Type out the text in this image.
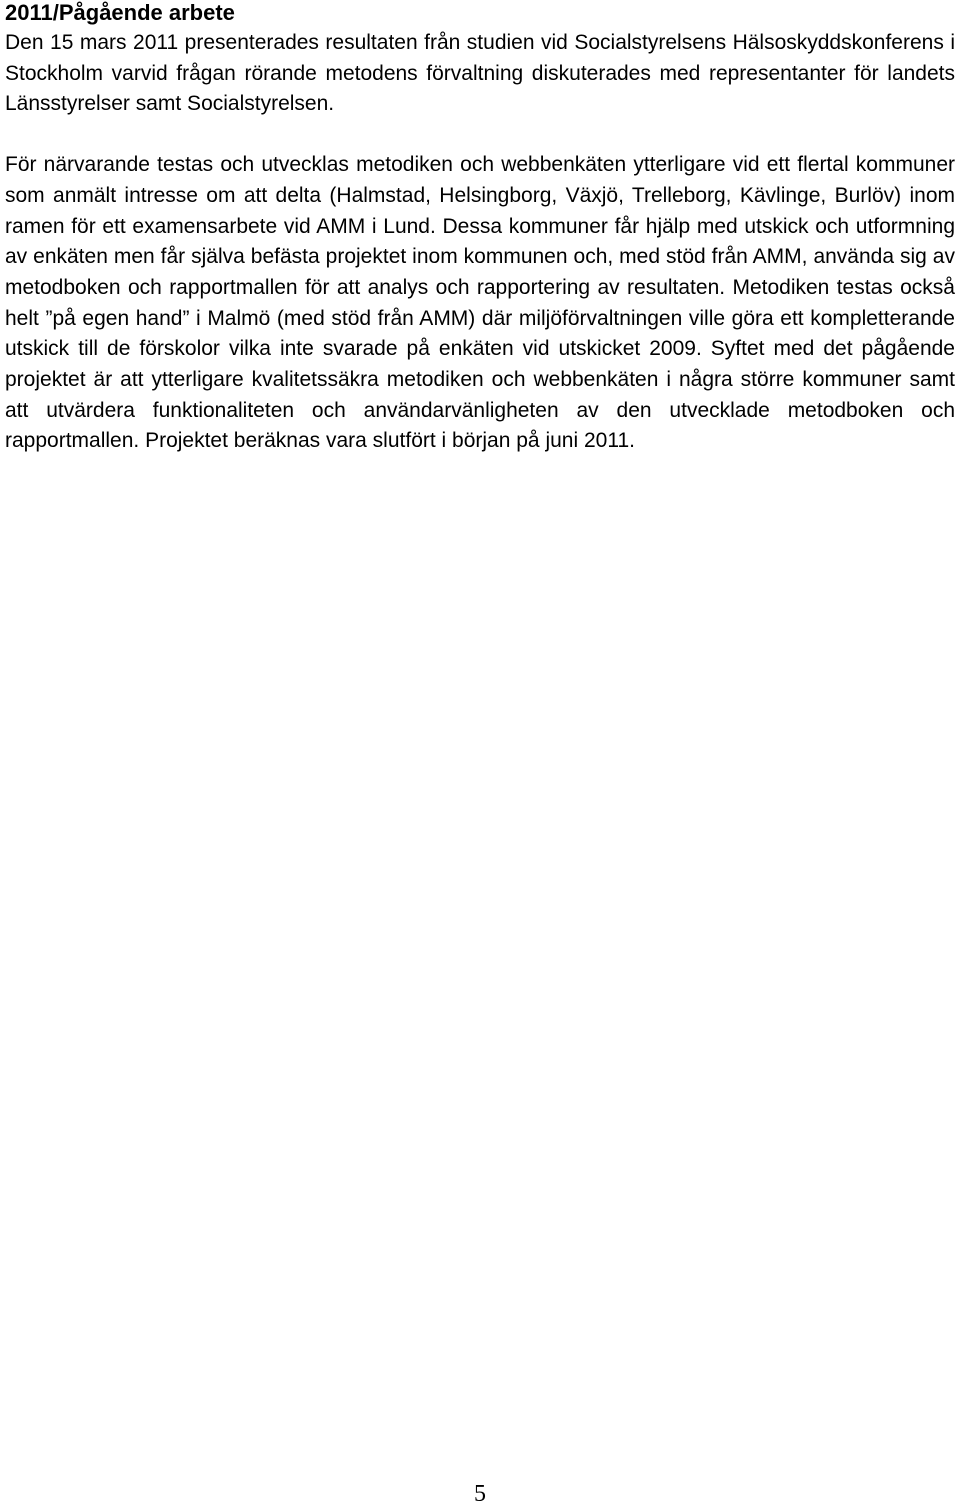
2011/Pågående arbete

Den 15 mars 2011 presenterades resultaten från studien vid Socialstyrelsens Hälsoskyddskonferens i Stockholm varvid frågan rörande metodens förvaltning diskuterades med representanter för landets Länsstyrelser samt Socialstyrelsen.

För närvarande testas och utvecklas metodiken och webbenkäten ytterligare vid ett flertal kommuner som anmält intresse om att delta (Halmstad, Helsingborg, Växjö, Trelleborg, Kävlinge, Burlöv) inom ramen för ett examensarbete vid AMM i Lund. Dessa kommuner får hjälp med utskick och utformning av enkäten men får själva befästa projektet inom kommunen och, med stöd från AMM, använda sig av metodboken och rapportmallen för att analys och rapportering av resultaten. Metodiken testas också helt ”på egen hand” i Malmö (med stöd från AMM) där miljöförvaltningen ville göra ett kompletterande utskick till de förskolor vilka inte svarade på enkäten vid utskicket 2009. Syftet med det pågående projektet är att ytterligare kvalitetssäkra metodiken och webbenkäten i några större kommuner samt att utvärdera funktionaliteten och användarvänligheten av den utvecklade metodboken och rapportmallen. Projektet beräknas vara slutfört i början på juni 2011.

5
